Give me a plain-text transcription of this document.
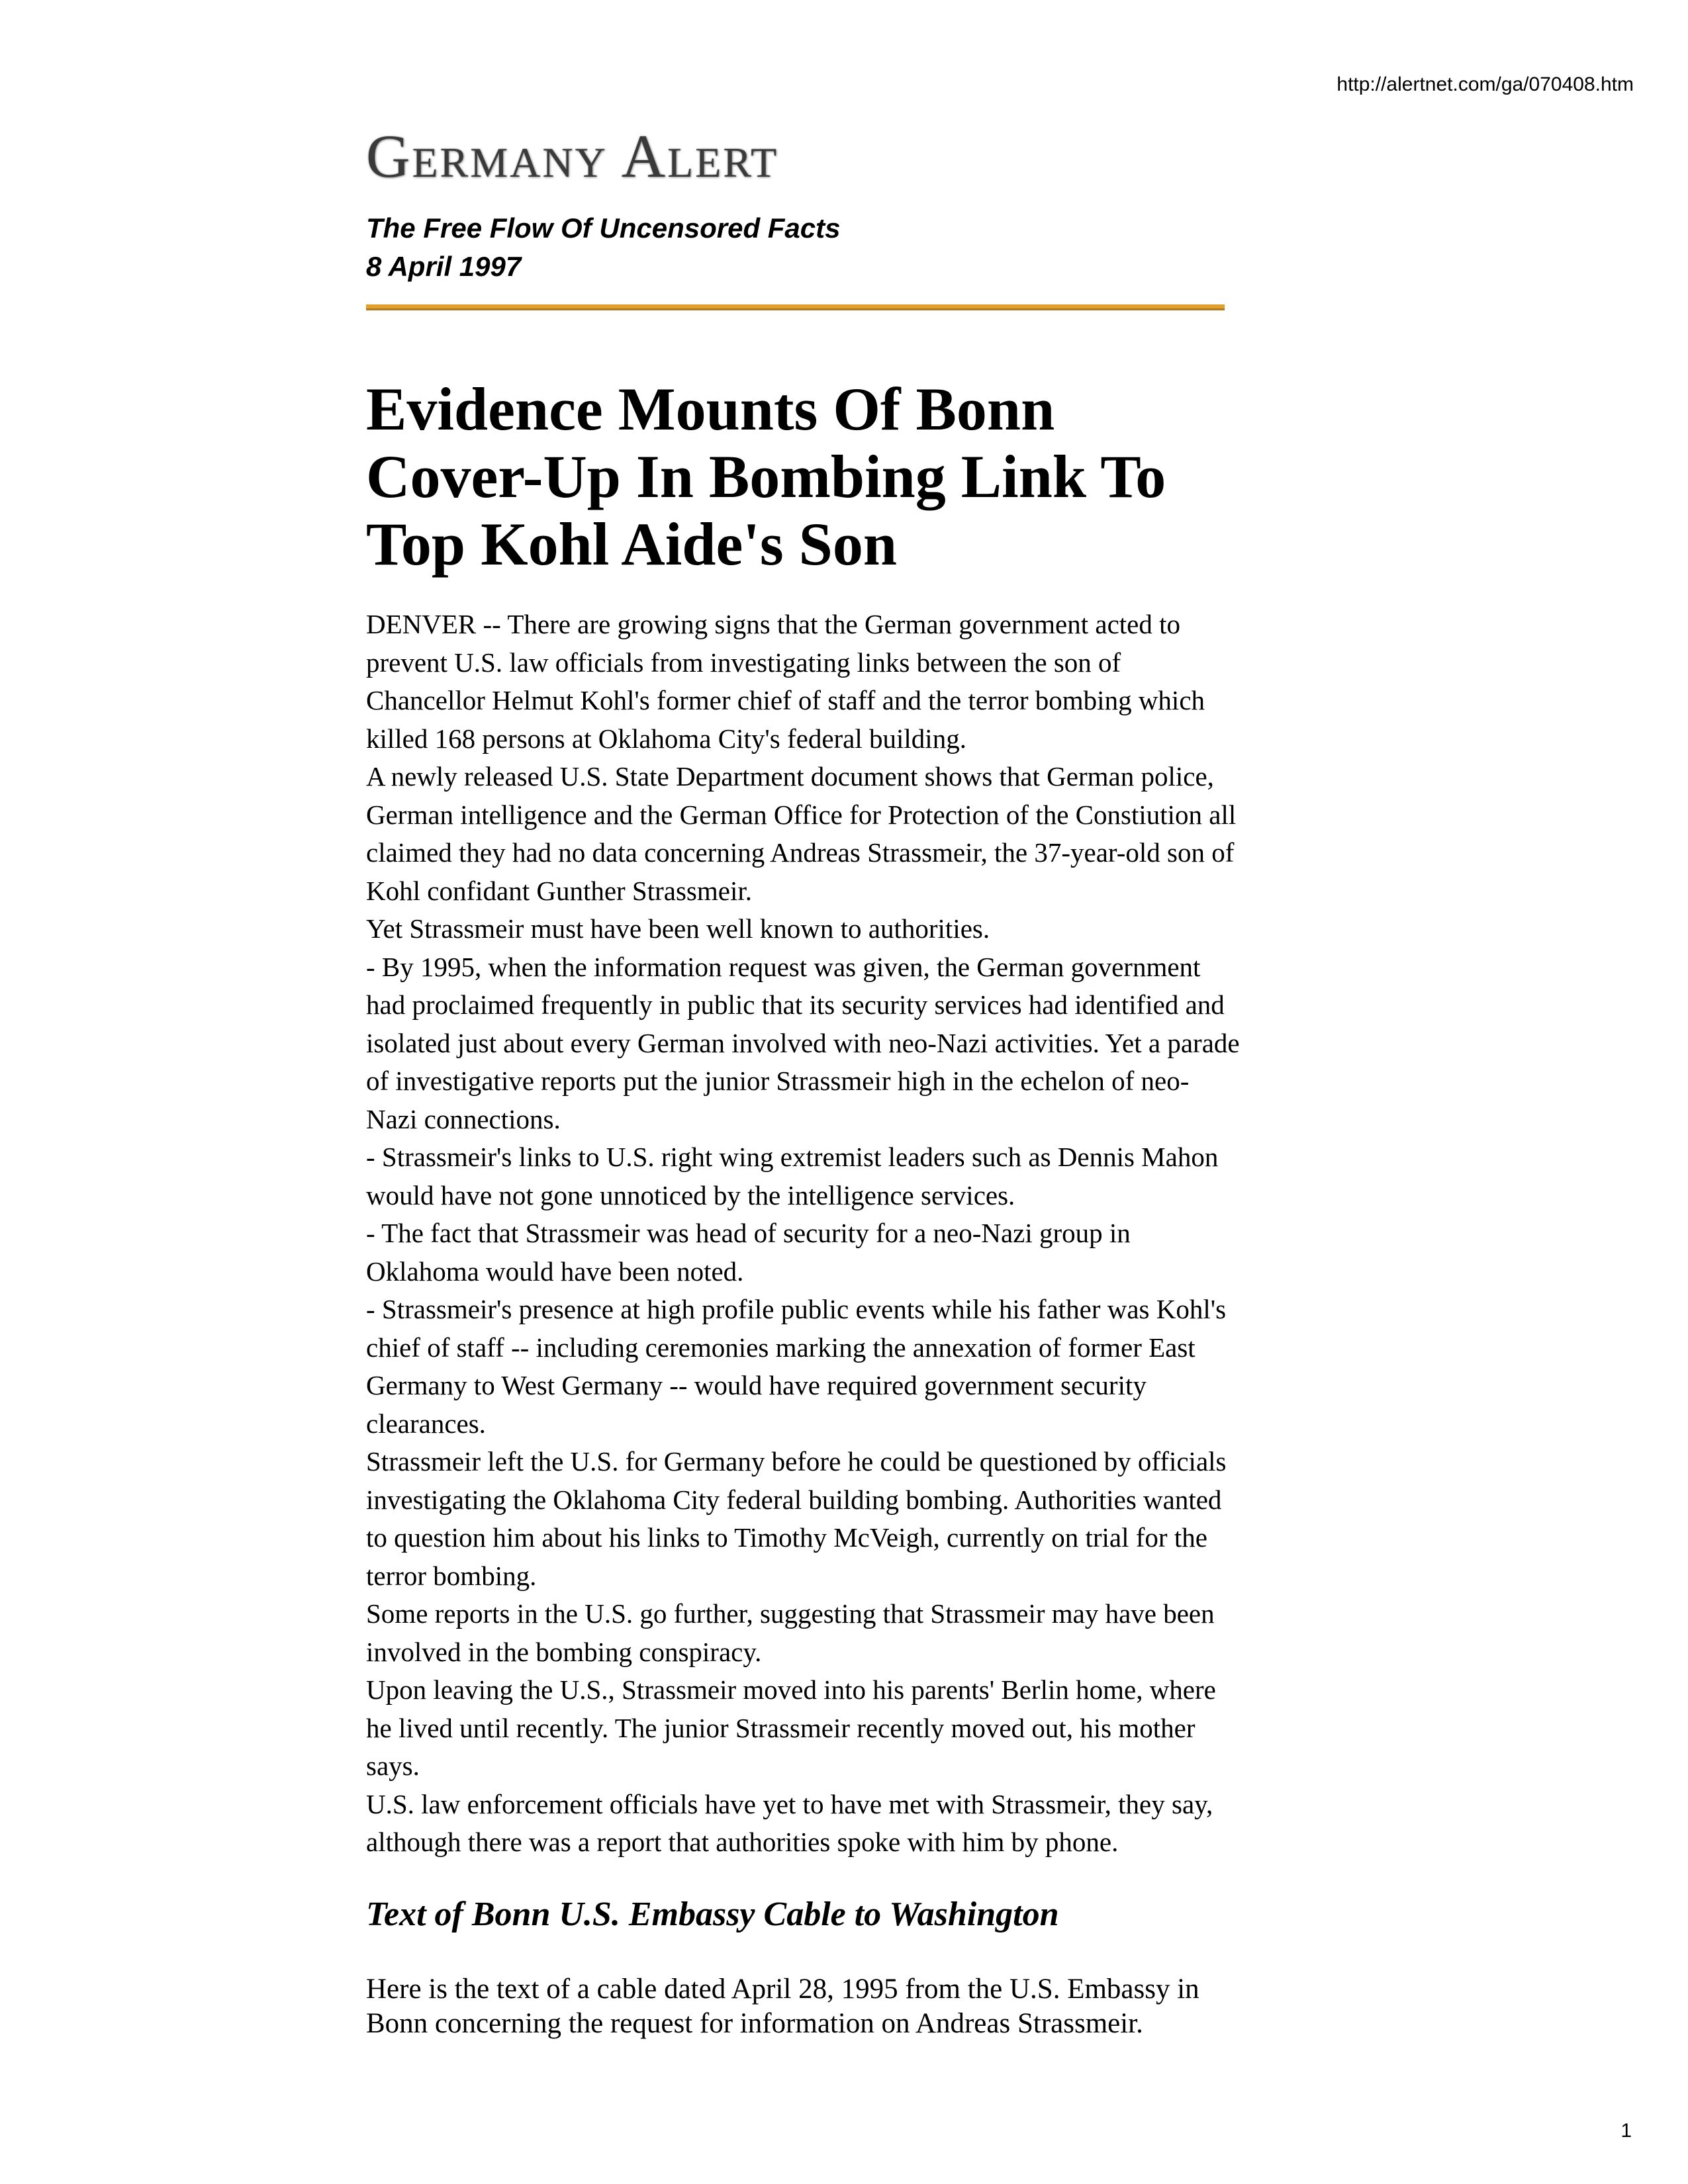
http://alertnet.com/ga/070408.htm
Germany Alert

The Free Flow Of Uncensored Facts

8 April 1997

Evidence Mounts Of Bonn Cover-Up In Bombing Link To Top Kohl Aide's Son

DENVER -- There are growing signs that the German government acted to prevent U.S. law officials from investigating links between the son of Chancellor Helmut Kohl's former chief of staff and the terror bombing which killed 168 persons at Oklahoma City's federal building.

A newly released U.S. State Department document shows that German police, German intelligence and the German Office for Protection of the Constiution all claimed they had no data concerning Andreas Strassmeir, the 37-year-old son of Kohl confidant Gunther Strassmeir.

Yet Strassmeir must have been well known to authorities.

- By 1995, when the information request was given, the German government had proclaimed frequently in public that its security services had identified and isolated just about every German involved with neo-Nazi activities. Yet a parade of investigative reports put the junior Strassmeir high in the echelon of neo-Nazi connections.

- Strassmeir's links to U.S. right wing extremist leaders such as Dennis Mahon would have not gone unnoticed by the intelligence services.

- The fact that Strassmeir was head of security for a neo-Nazi group in Oklahoma would have been noted.

- Strassmeir's presence at high profile public events while his father was Kohl's chief of staff -- including ceremonies marking the annexation of former East Germany to West Germany -- would have required government security clearances.

Strassmeir left the U.S. for Germany before he could be questioned by officials investigating the Oklahoma City federal building bombing. Authorities wanted to question him about his links to Timothy McVeigh, currently on trial for the terror bombing.

Some reports in the U.S. go further, suggesting that Strassmeir may have been involved in the bombing conspiracy.

Upon leaving the U.S., Strassmeir moved into his parents' Berlin home, where he lived until recently. The junior Strassmeir recently moved out, his mother says.

U.S. law enforcement officials have yet to have met with Strassmeir, they say, although there was a report that authorities spoke with him by phone.

Text of Bonn U.S. Embassy Cable to Washington

Here is the text of a cable dated April 28, 1995 from the U.S. Embassy in Bonn concerning the request for information on Andreas Strassmeir.

1
